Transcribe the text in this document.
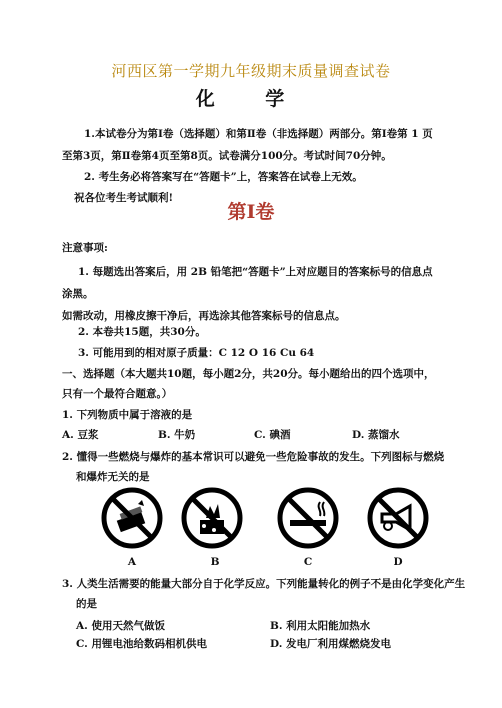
河西区第一学期九年级期末质量调查试卷
化 学
1.本试卷分为第Ⅰ卷（选择题）和第Ⅱ卷（非选择题）两部分。第Ⅰ卷第 1 页
至第3页，第Ⅱ卷第4页至第8页。试卷满分100分。考试时间70分钟。
2. 考生务必将答案写在“答题卡”上，答案答在试卷上无效。
祝各位考生考试顺利!
第Ⅰ卷
注意事项:
1. 每题选出答案后，用 2B 铅笔把“答题卡”上对应题目的答案标号的信息点
涂黑。
如需改动，用橡皮擦干净后，再选涂其他答案标号的信息点。
2. 本卷共15题，共30分。
3. 可能用到的相对原子质量：C 12 O 16 Cu 64
一、选择题（本大题共10题，每小题2分，共20分。每小题给出的四个选项中，
只有一个最符合题意。）
1. 下列物质中属于溶液的是
A. 豆浆	B. 牛奶	C. 碘酒	D. 蒸馏水
2. 懂得一些燃烧与爆炸的基本常识可以避免一些危险事故的发生。下列图标与燃烧
和爆炸无关的是
A	B	C	D
3. 人类生活需要的能量大部分自于化学反应。下列能量转化的例子不是由化学变化产生
的是
A. 使用天然气做饭	B. 利用太阳能加热水
C. 用锂电池给数码相机供电	D. 发电厂利用煤燃烧发电
